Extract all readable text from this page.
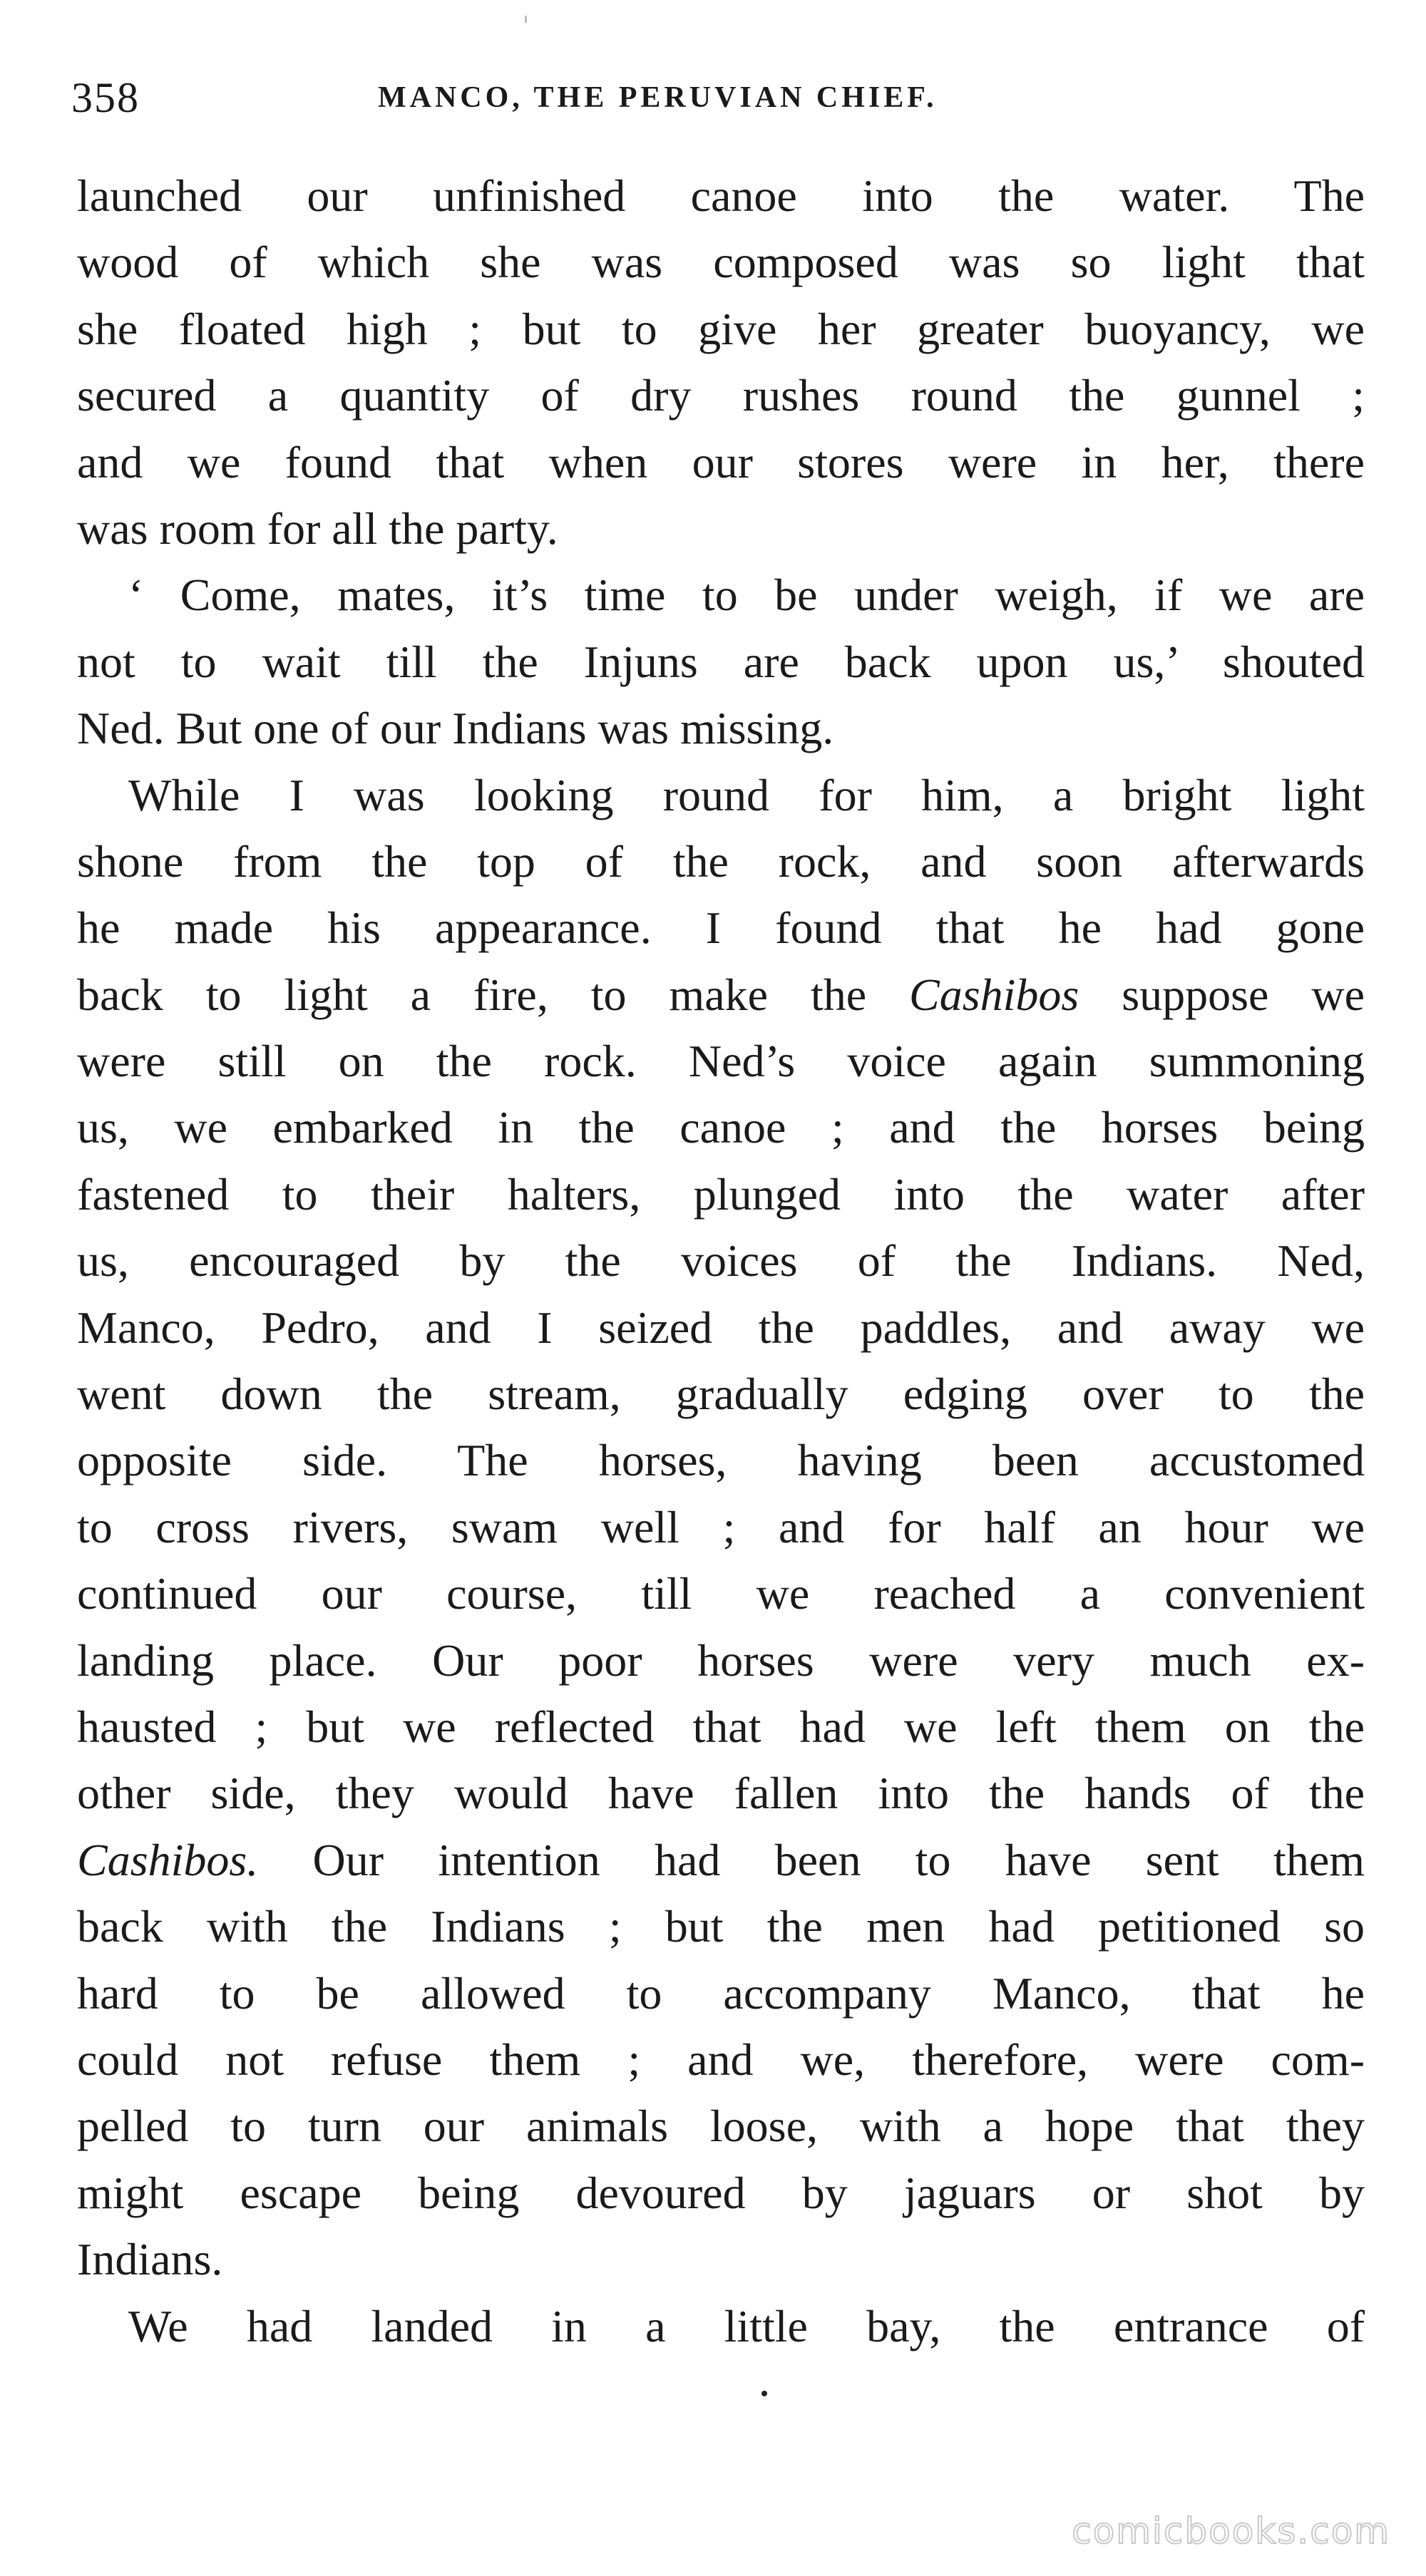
358	MANCO, THE PERUVIAN CHIEF.
launched our unfinished canoe into the water. The
wood of which she was composed was so light that
she floated high ; but to give her greater buoyancy, we
secured a quantity of dry rushes round the gunnel ;
and we found that when our stores were in her, there
was room for all the party.
‘ Come, mates, it’s time to be under weigh, if we are
not to wait till the Injuns are back upon us,’ shouted
Ned. But one of our Indians was missing.
While I was looking round for him, a bright light
shone from the top of the rock, and soon afterwards
he made his appearance. I found that he had gone
back to light a fire, to make the Cashibos suppose we
were still on the rock. Ned’s voice again summoning
us, we embarked in the canoe ; and the horses being
fastened to their halters, plunged into the water after
us, encouraged by the voices of the Indians. Ned,
Manco, Pedro, and I seized the paddles, and away we
went down the stream, gradually edging over to the
opposite side. The horses, having been accustomed
to cross rivers, swam well ; and for half an hour we
continued our course, till we reached a convenient
landing place. Our poor horses were very much ex-
hausted ; but we reflected that had we left them on the
other side, they would have fallen into the hands of the
Cashibos. Our intention had been to have sent them
back with the Indians ; but the men had petitioned so
hard to be allowed to accompany Manco, that he
could not refuse them ; and we, therefore, were com-
pelled to turn our animals loose, with a hope that they
might escape being devoured by jaguars or shot by
Indians.
We had landed in a little bay, the entrance of
comicbooks.com
